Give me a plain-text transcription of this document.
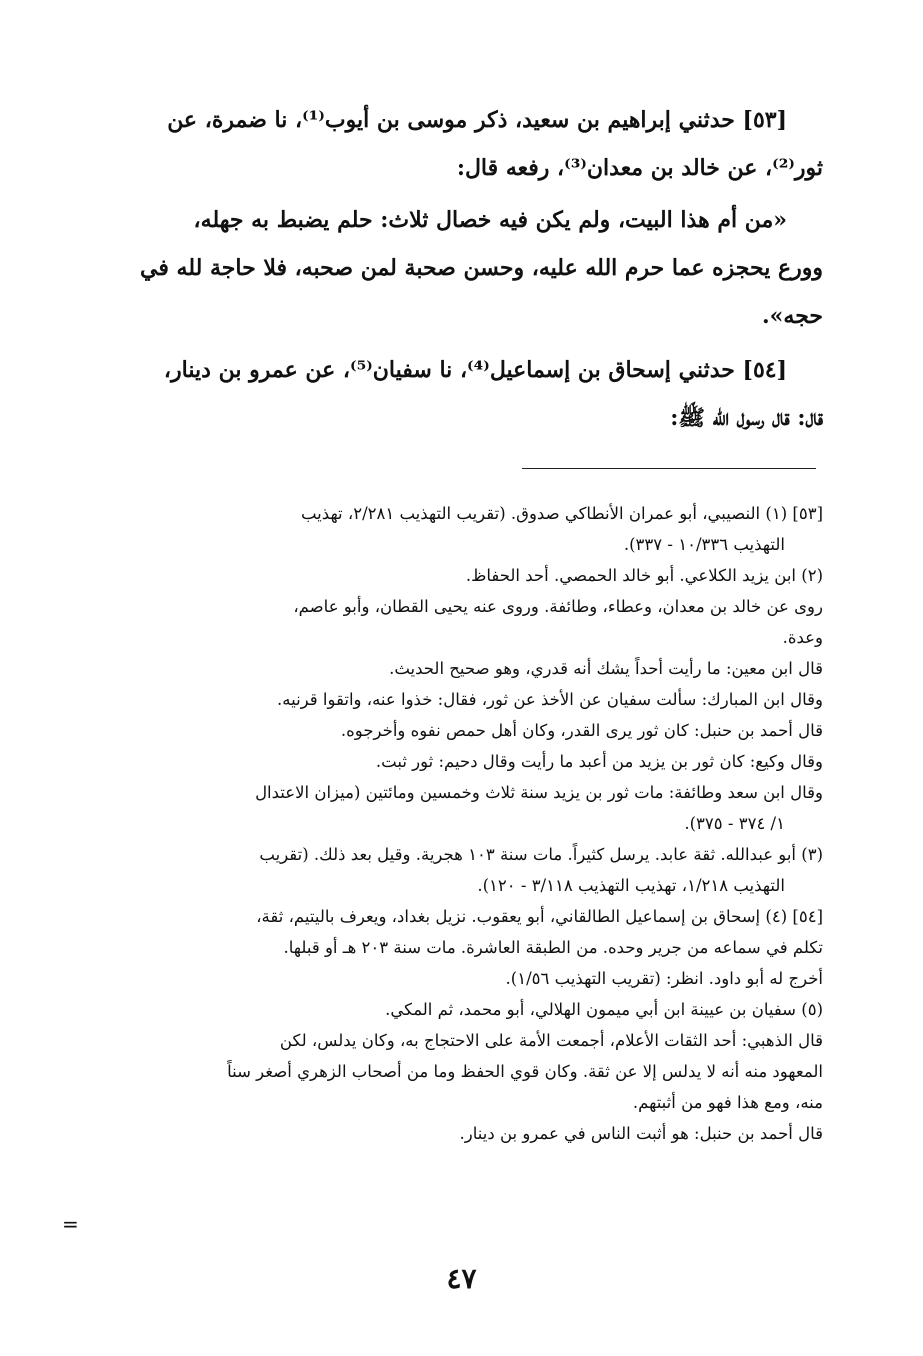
[٥٣] حدثني إبراهيم بن سعيد، ذكر موسى بن أيوب⁽¹⁾، نا ضمرة، عن

ثور⁽²⁾، عن خالد بن معدان⁽³⁾، رفعه قال:

«من أم هذا البيت، ولم يكن فيه خصال ثلاث: حلم يضبط به جهله،

وورع يحجزه عما حرم الله عليه، وحسن صحبة لمن صحبه، فلا حاجة لله في

حجه».

[٥٤] حدثني إسحاق بن إسماعيل⁽⁴⁾، نا سفيان⁽⁵⁾، عن عمرو بن دينار،

قال: قال رسول الله ﷺ:

[٥٣] (١) النصيبي، أبو عمران الأنطاكي صدوق. (تقريب التهذيب ٢/٢٨١، تهذيب

التهذيب ١٠/٣٣٦ - ٣٣٧).

(٢) ابن يزيد الكلاعي. أبو خالد الحمصي. أحد الحفاظ.

روى عن خالد بن معدان، وعطاء، وطائفة. وروى عنه يحيى القطان، وأبو عاصم،

وعدة.

قال ابن معين: ما رأيت أحداً يشك أنه قدري، وهو صحيح الحديث.

وقال ابن المبارك: سألت سفيان عن الأخذ عن ثور، فقال: خذوا عنه، واتقوا قرنيه.

قال أحمد بن حنبل: كان ثور يرى القدر، وكان أهل حمص نفوه وأخرجوه.

وقال وكيع: كان ثور بن يزيد من أعبد ما رأيت وقال دحيم: ثور ثبت.

وقال ابن سعد وطائفة: مات ثور بن يزيد سنة ثلاث وخمسين ومائتين (ميزان الاعتدال

١/ ٣٧٤ - ٣٧٥).

(٣) أبو عبدالله. ثقة عابد. يرسل كثيراً. مات سنة ١٠٣ هجرية. وقيل بعد ذلك. (تقريب

التهذيب ١/٢١٨، تهذيب التهذيب ٣/١١٨ - ١٢٠).

[٥٤] (٤) إسحاق بن إسماعيل الطالقاني، أبو يعقوب. نزيل بغداد، ويعرف باليتيم، ثقة،

تكلم في سماعه من جرير وحده. من الطبقة العاشرة. مات سنة ٢٠٣ هـ أو قبلها.

أخرج له أبو داود. انظر: (تقريب التهذيب ١/٥٦).

(٥) سفيان بن عيينة ابن أبي ميمون الهلالي، أبو محمد، ثم المكي.

قال الذهبي: أحد الثقات الأعلام، أجمعت الأمة على الاحتجاج به، وكان يدلس، لكن

المعهود منه أنه لا يدلس إلا عن ثقة. وكان قوي الحفظ وما من أصحاب الزهري أصغر سناً

منه، ومع هذا فهو من أثبتهم.

قال أحمد بن حنبل: هو أثبت الناس في عمرو بن دينار.

=
٤٧
